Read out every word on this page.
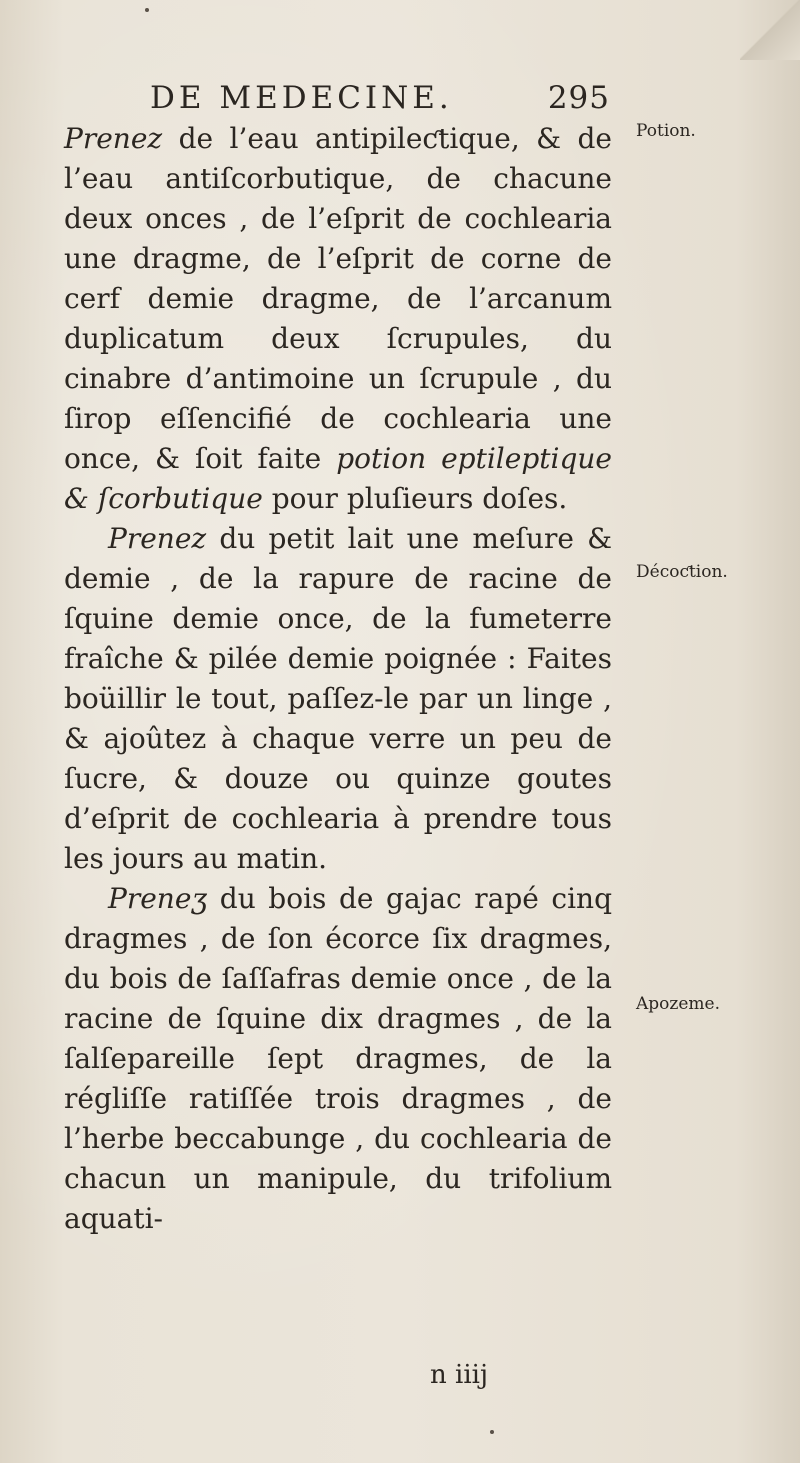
DE MEDECINE.	295

Prenez de l’eau antipileƈtique, & de l’eau antiſcorbutique, de chacune deux onces , de l’eſprit de cochlearia une dragme, de l’eſprit de corne de cerf demie dragme, de l’arcanum duplicatum deux ſcrupules, du cinabre d’antimoine un ſcrupule , du ſirop eſſencifié de cochlearia une once, & ſoit faite potion eptileptique & ſcorbutique pour pluſieurs doſes.

Prenez du petit lait une meſure & demie , de la rapure de racine de ſquine demie once, de la fumeterre fraîche & pilée demie poignée : Faites boüillir le tout, paſſez-le par un linge , & ajoûtez à chaque verre un peu de ſucre, & douze ou quinze goutes d’eſprit de cochlearia à prendre tous les jours au matin.

Preneʒ du bois de gajac rapé cinq dragmes , de ſon écorce ſix dragmes, du bois de ſaſſafras demie once , de la racine de ſquine dix dragmes , de la ſalſepareille ſept dragmes, de la régliſſe ratiſſée trois dragmes , de l’herbe beccabunge , du cochlearia de chacun un manipule, du trifolium aquati-

Potion.
Décoƈtion.
Apozeme.
n iiij
